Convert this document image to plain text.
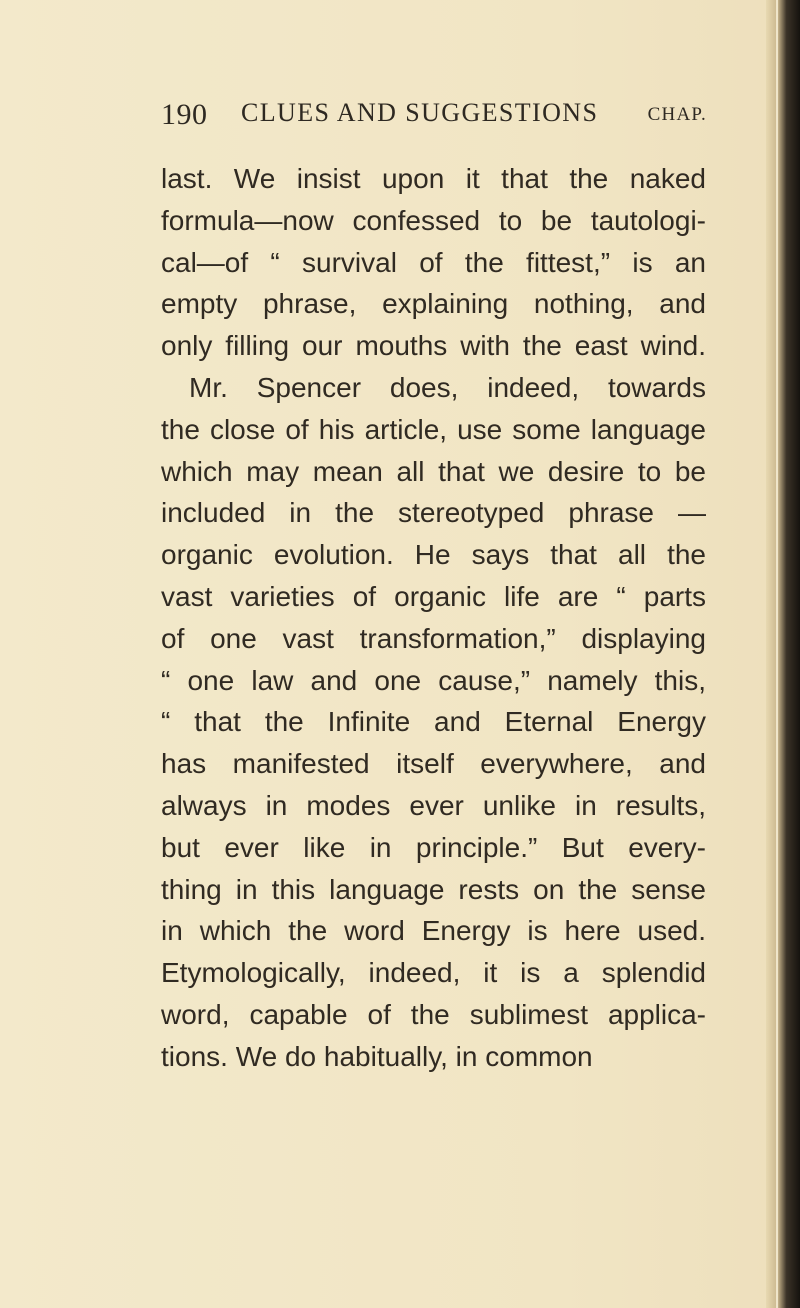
190 CLUES AND SUGGESTIONS	CHAP.
last. We insist upon it that the naked
formula—now confessed to be tautologi-
cal—of “ survival of the fittest,” is an
empty phrase, explaining nothing, and
only filling our mouths with the east wind.
Mr. Spencer does, indeed, towards
the close of his article, use some language
which may mean all that we desire to be
included in the stereotyped phrase —
organic evolution. He says that all the
vast varieties of organic life are “ parts
of one vast transformation,” displaying
“ one law and one cause,” namely this,
“ that the Infinite and Eternal Energy
has manifested itself everywhere, and
always in modes ever unlike in results,
but ever like in principle.” But every-
thing in this language rests on the sense
in which the word Energy is here used.
Etymologically, indeed, it is a splendid
word, capable of the sublimest applica-
tions. We do habitually, in common
